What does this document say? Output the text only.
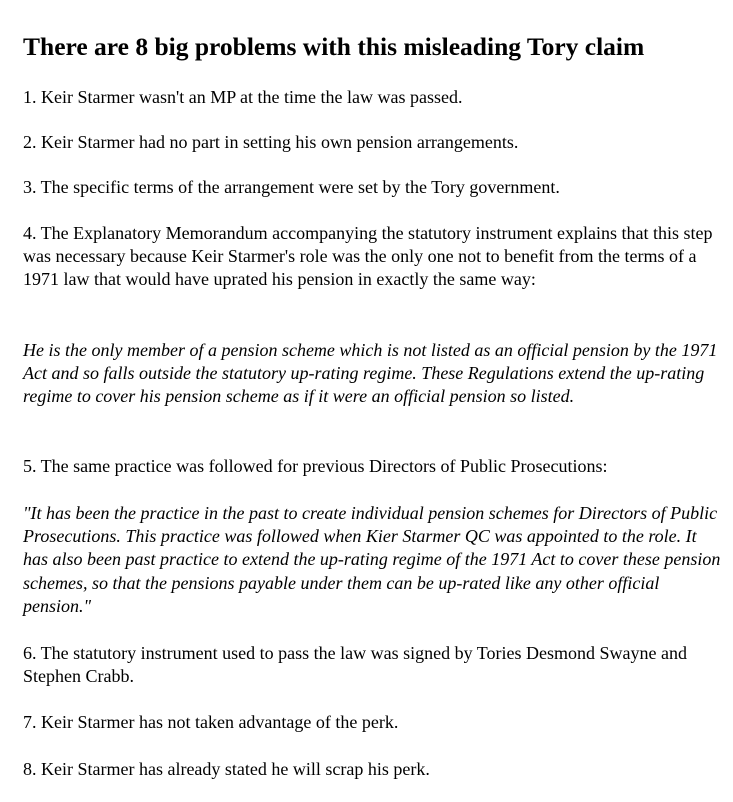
There are 8 big problems with this misleading Tory claim

1. Keir Starmer wasn't an MP at the time the law was passed.

2. Keir Starmer had no part in setting his own pension arrangements.

3. The specific terms of the arrangement were set by the Tory government.

4. The Explanatory Memorandum accompanying the statutory instrument explains that this step was necessary because Keir Starmer's role was the only one not to benefit from the terms of a 1971 law that would have uprated his pension in exactly the same way:

He is the only member of a pension scheme which is not listed as an official pension by the 1971 Act and so falls outside the statutory up-rating regime. These Regulations extend the up-rating regime to cover his pension scheme as if it were an official pension so listed.

5. The same practice was followed for previous Directors of Public Prosecutions:

"It has been the practice in the past to create individual pension schemes for Directors of Public Prosecutions. This practice was followed when Kier Starmer QC was appointed to the role. It has also been past practice to extend the up-rating regime of the 1971 Act to cover these pension schemes, so that the pensions payable under them can be up-rated like any other official pension."

6. The statutory instrument used to pass the law was signed by Tories Desmond Swayne and Stephen Crabb.

7. Keir Starmer has not taken advantage of the perk.

8. Keir Starmer has already stated he will scrap his perk.
